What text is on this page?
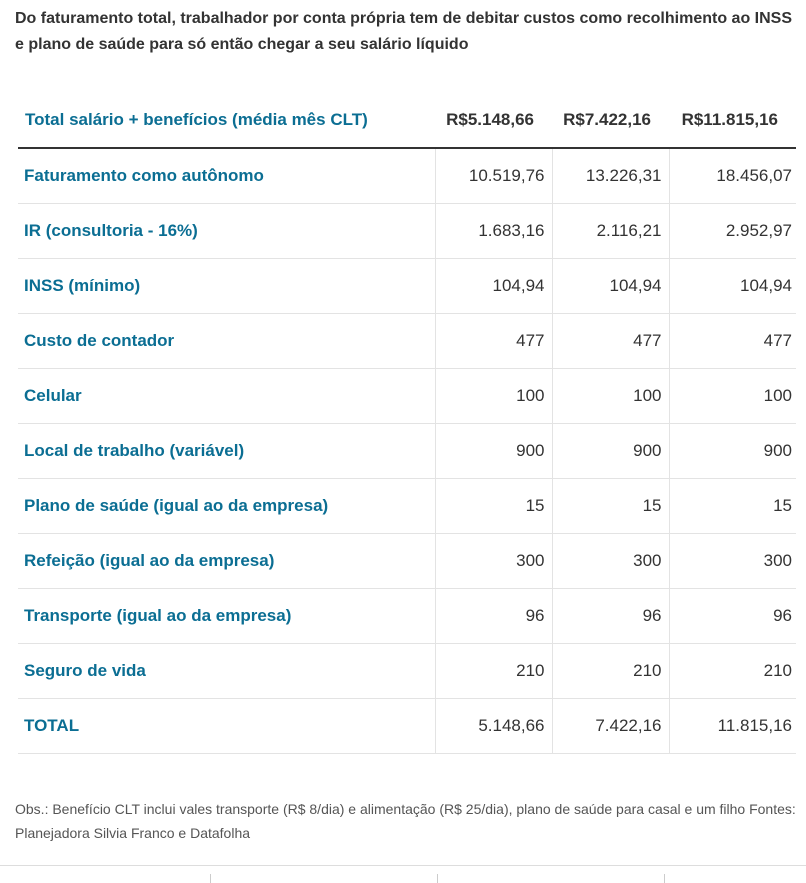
Do faturamento total, trabalhador por conta própria tem de debitar custos como recolhimento ao INSS e plano de saúde para só então chegar a seu salário líquido
Total salário + benefícios (média mês CLT)	R$5.148,66	R$7.422,16	R$11.815,16
Faturamento como autônomo	10.519,76	13.226,31	18.456,07
IR (consultoria - 16%)	1.683,16	2.116,21	2.952,97
INSS (mínimo)	104,94	104,94	104,94
Custo de contador	477	477	477
Celular	100	100	100
Local de trabalho (variável)	900	900	900
Plano de saúde (igual ao da empresa)	15	15	15
Refeição (igual ao da empresa)	300	300	300
Transporte (igual ao da empresa)	96	96	96
Seguro de vida	210	210	210
TOTAL	5.148,66	7.422,16	11.815,16
Obs.: Benefício CLT inclui vales transporte (R$ 8/dia) e alimentação (R$ 25/dia), plano de saúde para casal e um filho Fontes: Planejadora Silvia Franco e Datafolha
